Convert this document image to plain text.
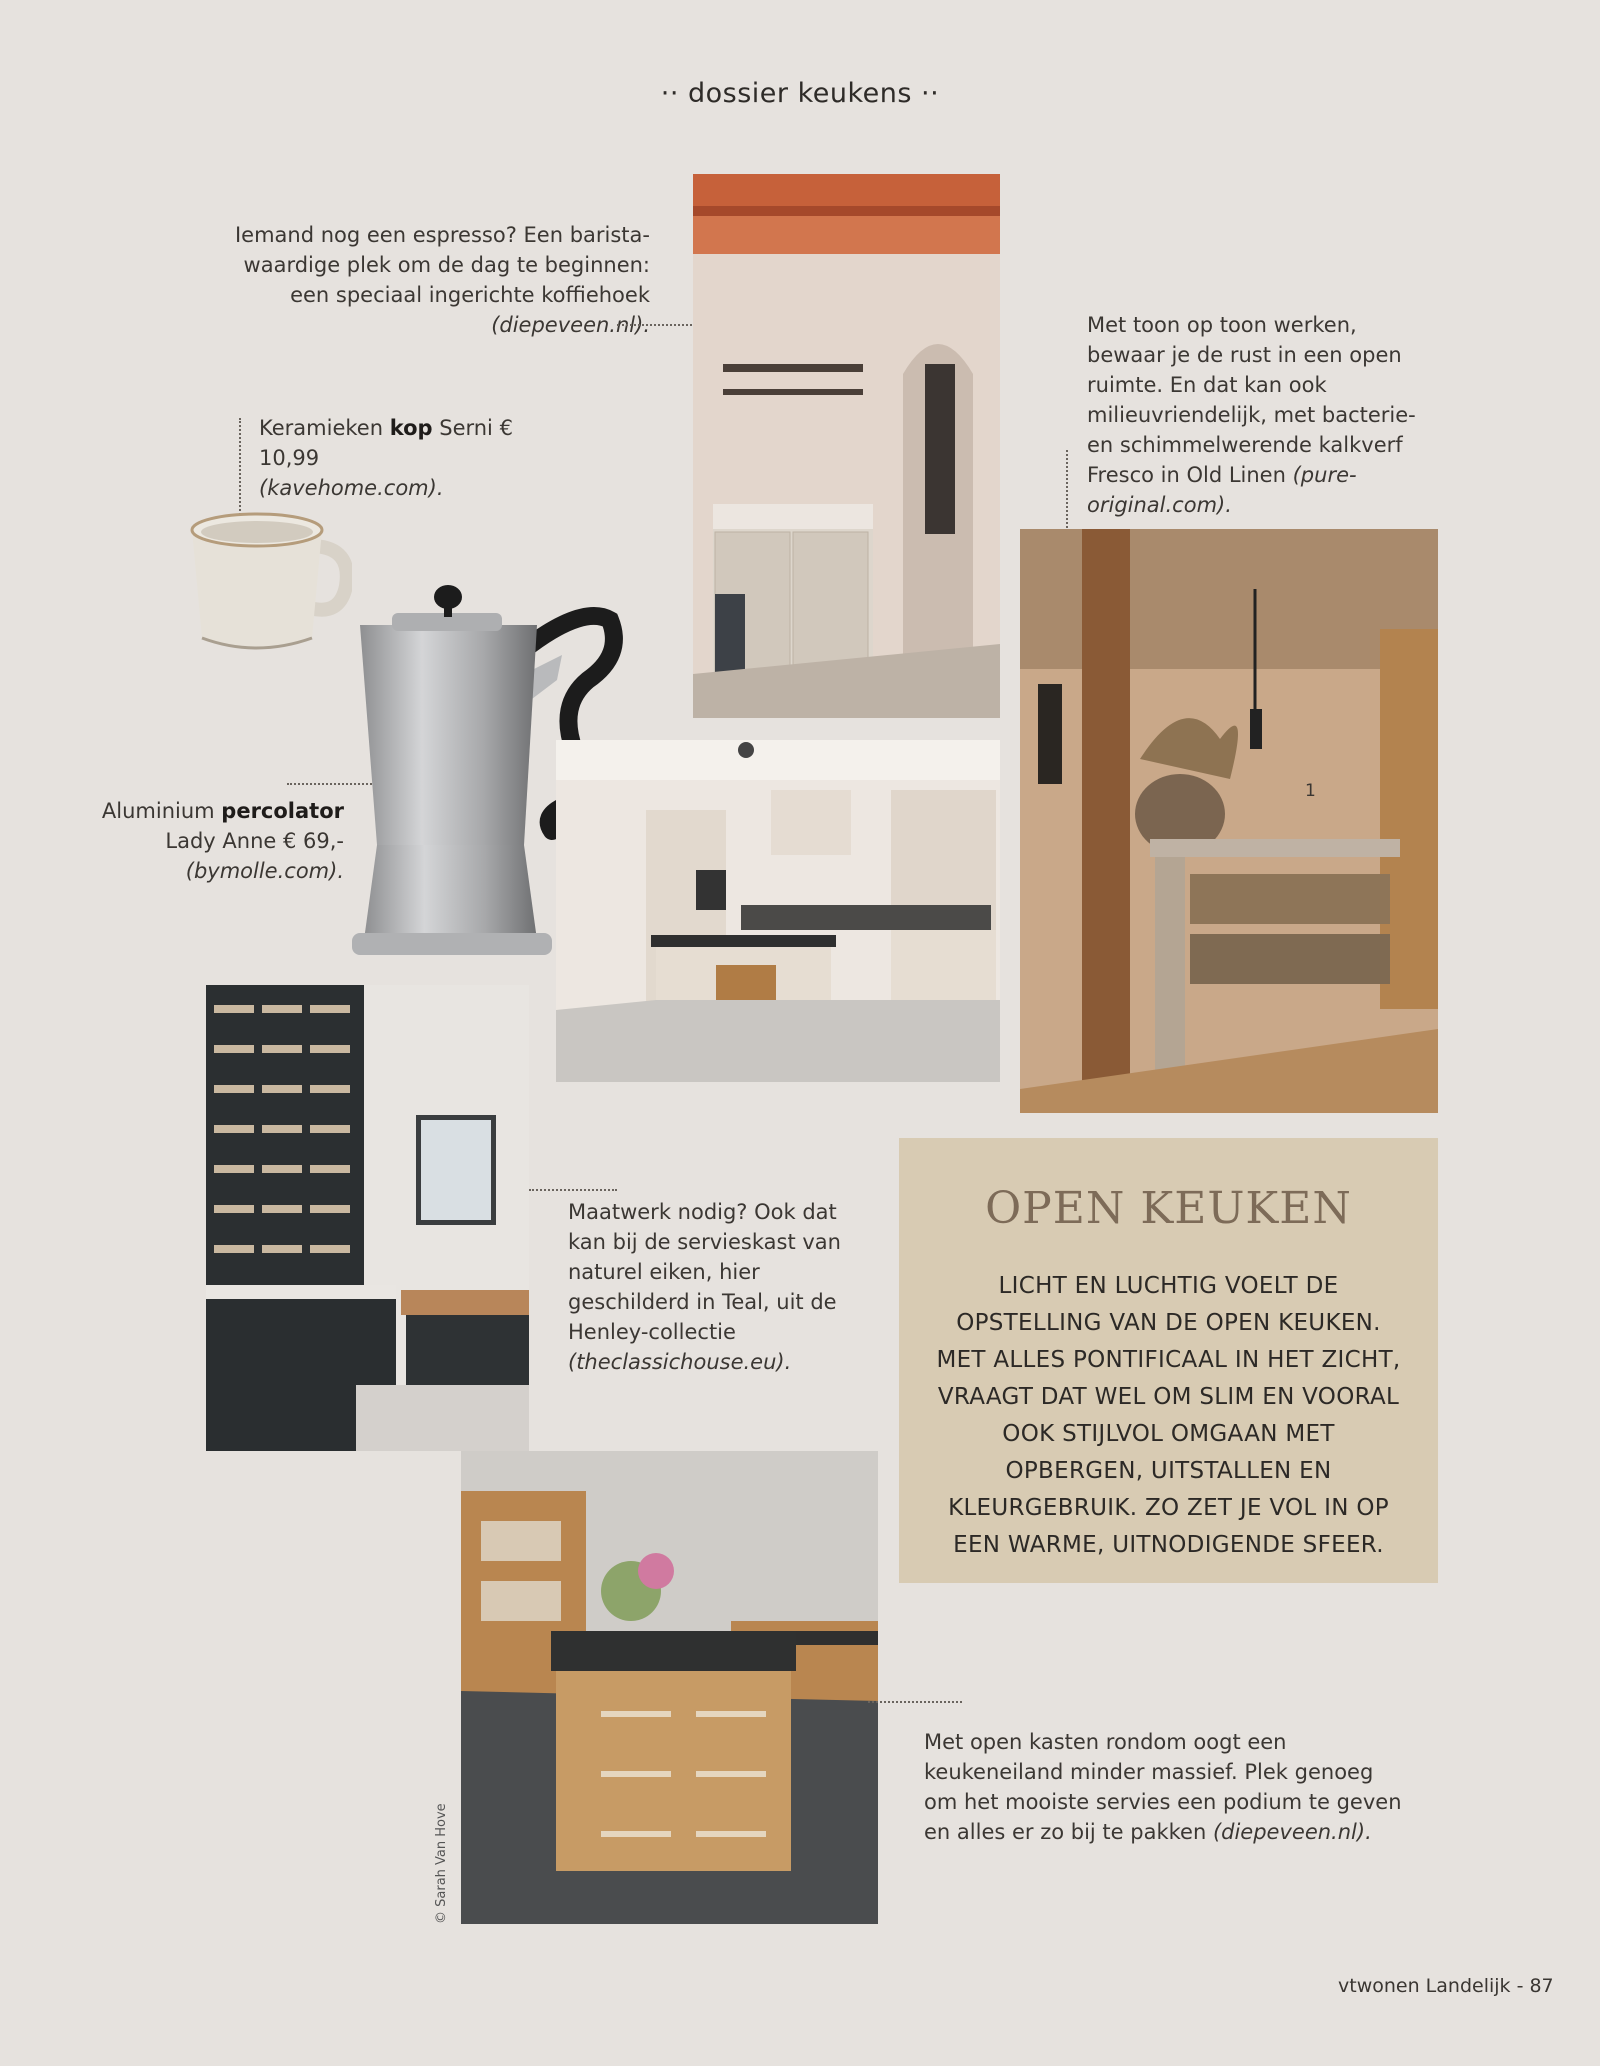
·· dossier keukens ··
Iemand nog een espresso? Een barista-waardige plek om de dag te beginnen: een speciaal ingerichte koffiehoek (diepeveen.nl).	Met toon op toon werken, bewaar je de rust in een open ruimte. En dat kan ook milieuvriendelijk, met bacterie- en schimmelwerende kalkverf Fresco in Old Linen (pure-original.com).
Keramieken kop Serni € 10,99
(kavehome.com).
Aluminium percolator
Lady Anne € 69,-
(bymolle.com).
1
Maatwerk nodig? Ook dat kan bij de servieskast van naturel eiken, hier geschilderd in Teal, uit de Henley-collectie (theclassichouse.eu).
OPEN KEUKEN
LICHT EN LUCHTIG VOELT DE OPSTELLING VAN DE OPEN KEUKEN. MET ALLES PONTIFICAAL IN HET ZICHT, VRAAGT DAT WEL OM SLIM EN VOORAL OOK STIJLVOL OMGAAN MET OPBERGEN, UITSTALLEN EN KLEURGEBRUIK. ZO ZET JE VOL IN OP EEN WARME, UITNODIGENDE SFEER.
Met open kasten rondom oogt een keukeneiland minder massief. Plek genoeg om het mooiste servies een podium te geven en alles er zo bij te pakken (diepeveen.nl).
© Sarah Van Hove
vtwonen Landelijk - 87
